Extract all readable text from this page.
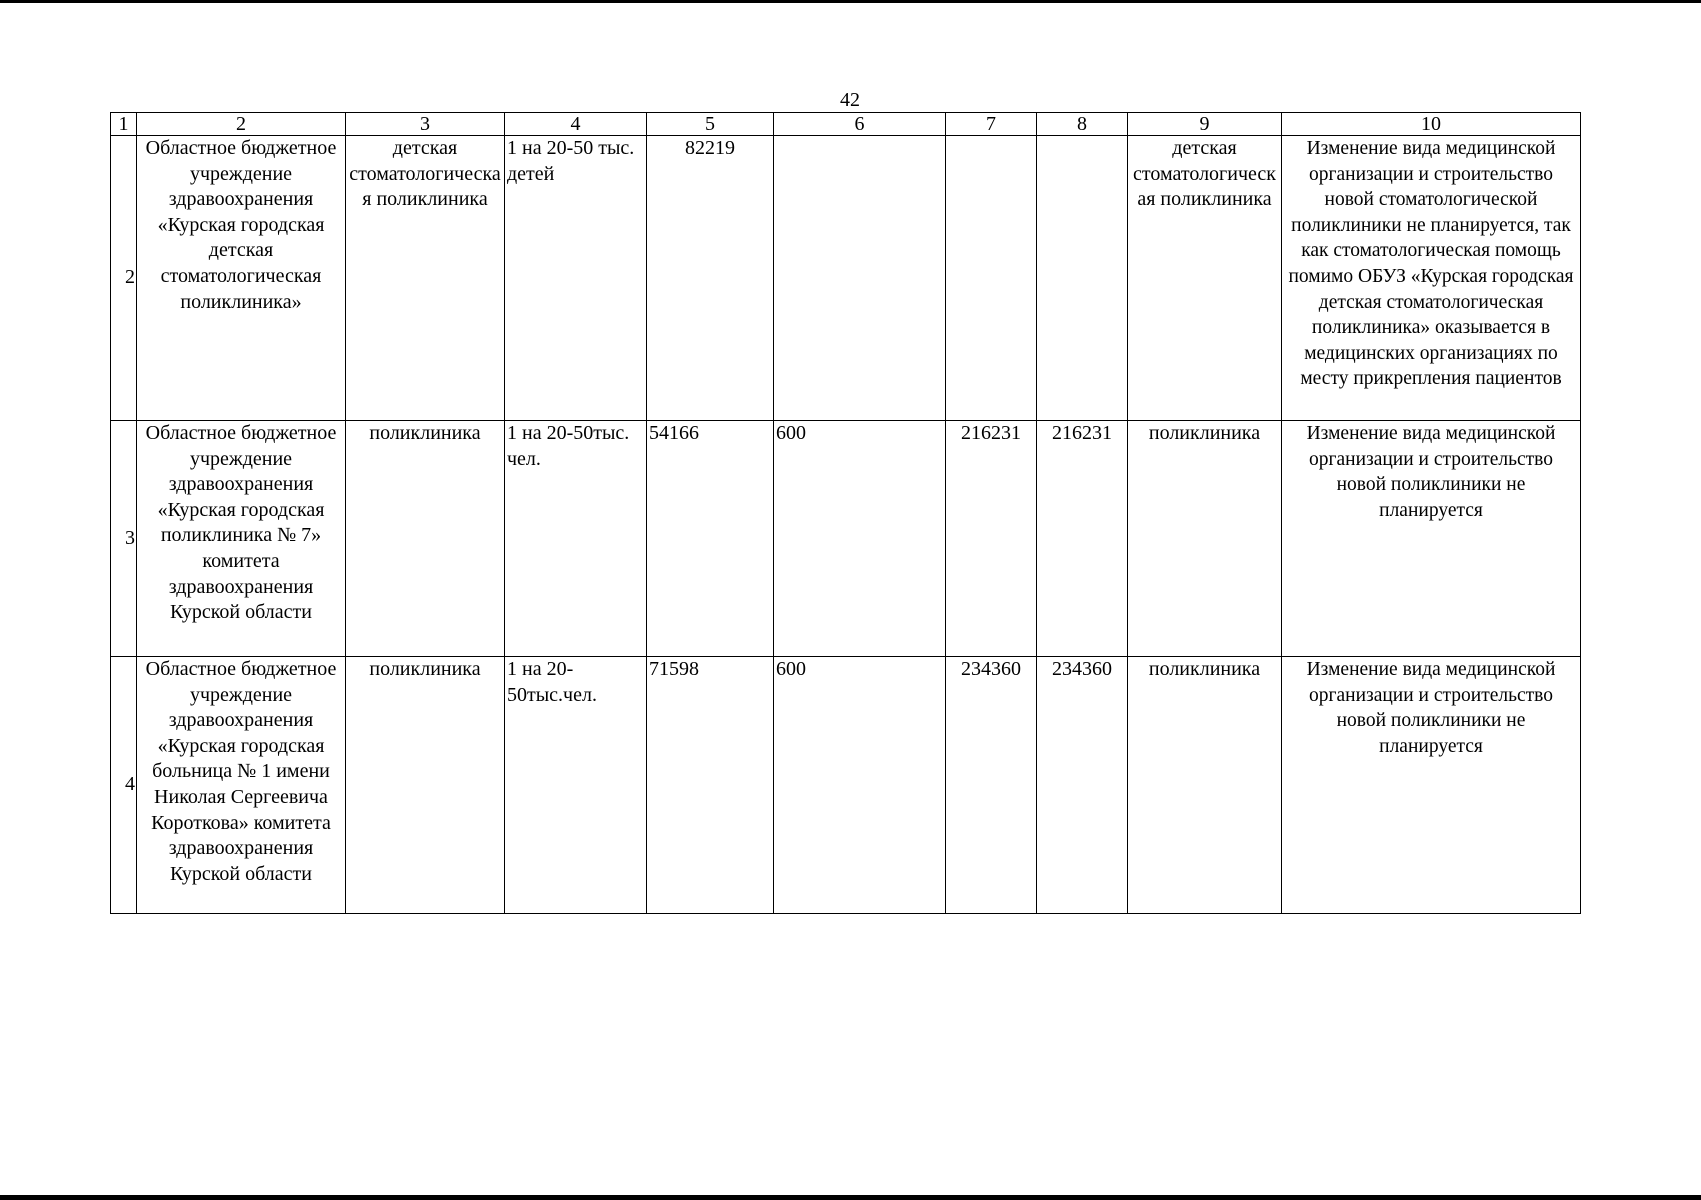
42
1	2	3	4	5	6	7	8	9	10
2	Областное бюджетное учреждение здравоохранения «Курская городская детская стоматологическая поликлиника»	детская стоматологическая поликлиника	1 на 20-50 тыс. детей	82219				детская стоматологическая поликлиника	Изменение вида медицинской организации и строительство новой стоматологической поликлиники не планируется, так как стоматологическая помощь помимо ОБУЗ «Курская городская детская стоматологическая поликлиника» оказывается в медицинских организациях по месту прикрепления пациентов
3	Областное бюджетное учреждение здравоохранения «Курская городская поликлиника № 7» комитета здравоохранения Курской области	поликлиника	1 на 20-50тыс. чел.	54166	600	216231	216231	поликлиника	Изменение вида медицинской организации и строительство новой поликлиники не планируется
4	Областное бюджетное учреждение здравоохранения «Курская городская больница № 1 имени Николая Сергеевича Короткова» комитета здравоохранения Курской области	поликлиника	1 на 20-50тыс.чел.	71598	600	234360	234360	поликлиника	Изменение вида медицинской организации и строительство новой поликлиники не планируется
